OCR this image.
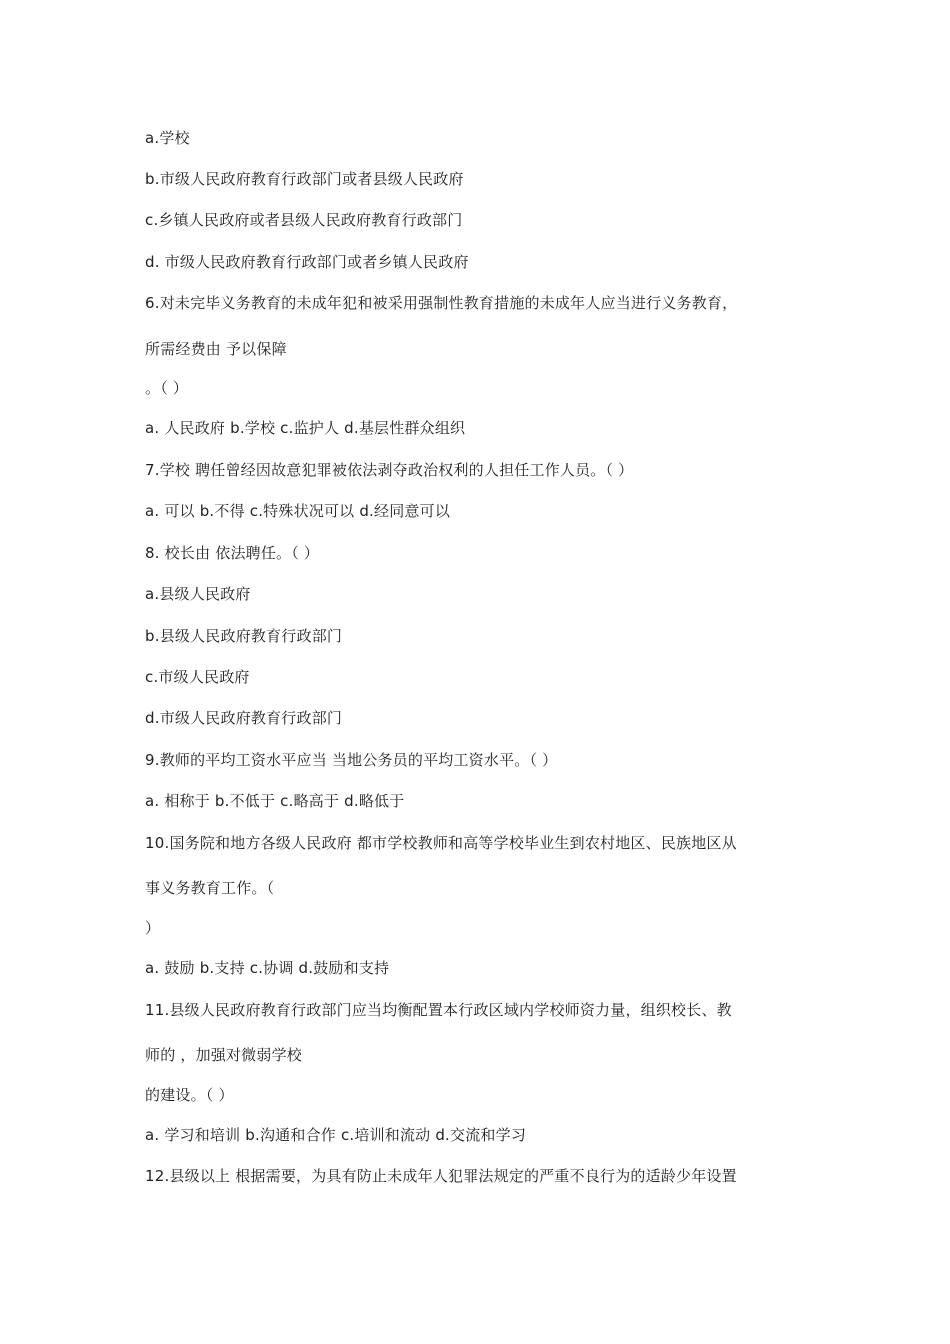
a.学校
b.市级人民政府教育行政部门或者县级人民政府
c.乡镇人民政府或者县级人民政府教育行政部门
d. 市级人民政府教育行政部门或者乡镇人民政府
6.对未完毕义务教育的未成年犯和被采用强制性教育措施的未成年人应当进行义务教育，
所需经费由 予以保障
。（ ）
a. 人民政府 b.学校 c.监护人 d.基层性群众组织
7.学校 聘任曾经因故意犯罪被依法剥夺政治权利的人担任工作人员。（ ）
a. 可以 b.不得 c.特殊状况可以 d.经同意可以
8. 校长由 依法聘任。（ ）
a.县级人民政府
b.县级人民政府教育行政部门
c.市级人民政府
d.市级人民政府教育行政部门
9.教师的平均工资水平应当 当地公务员的平均工资水平。（ ）
a. 相称于 b.不低于 c.略高于 d.略低于
10.国务院和地方各级人民政府 都市学校教师和高等学校毕业生到农村地区、民族地区从
事义务教育工作。（
）
a. 鼓励 b.支持 c.协调 d.鼓励和支持
11.县级人民政府教育行政部门应当均衡配置本行政区域内学校师资力量，组织校长、教
师的 ，加强对微弱学校
的建设。（ ）
a. 学习和培训 b.沟通和合作 c.培训和流动 d.交流和学习
12.县级以上 根据需要，为具有防止未成年人犯罪法规定的严重不良行为的适龄少年设置
